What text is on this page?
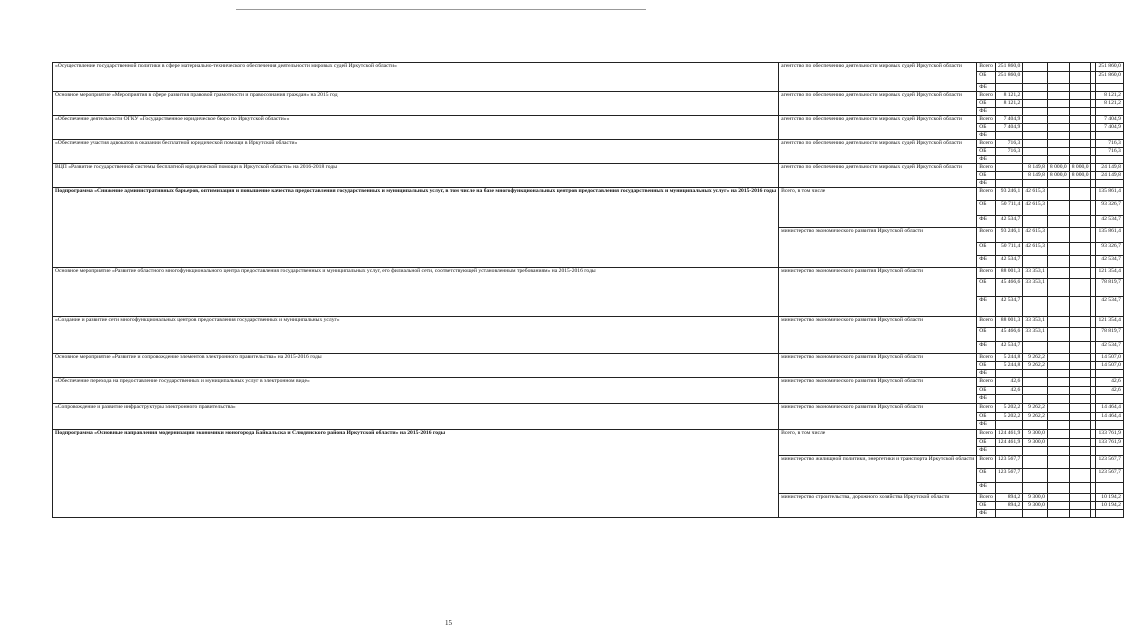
«Осуществление государственной политики в сфере материально-технического обеспечения деятельности мировых судей Иркутской области»	агентство по обеспечению деятельности мировых судей Иркутской области	Всего	251 860,0					251 860,0
		ОБ	251 860,0					251 860,0
		ФБ						
Основное мероприятие «Мероприятия в сфере развития правовой грамотности и правосознания граждан» на 2015 год	агентство по обеспечению деятельности мировых судей Иркутской области	Всего	8 121,2					8 121,2
		ОБ	8 121,2					8 121,2
		ФБ						
«Обеспечение деятельности ОГКУ «Государственное юридическое бюро по Иркутской области»»	агентство по обеспечению деятельности мировых судей Иркутской области	Всего	7 404,9					7 404,9
		ОБ	7 404,9					7 404,9
		ФБ						
«Обеспечение участия адвокатов в оказании бесплатной юридической помощи в Иркутской области»	агентство по обеспечению деятельности мировых судей Иркутской области	Всего	716,3					716,3
		ОБ	716,3					716,3
		ФБ						
ВЦП «Развитие государственной системы бесплатной юридической помощи в Иркутской области» на 2016-2018 годы	агентство по обеспечению деятельности мировых судей Иркутской области	Всего		8 149,8	8 000,0	8 000,0		24 149,8
		ОБ		8 149,8	8 000,0	8 000,0		24 149,8
		ФБ						
Подпрограмма «Снижение административных барьеров, оптимизация и повышение качества предоставления государственных и муниципальных услуг, в том числе на базе многофункциональных центров предоставления государственных и муниципальных услуг» на 2015-2016 годы	Всего, в том числе	Всего	93 246,1	42 615,3				135 861,4
		ОБ	50 711,4	42 615,3				93 326,7
		ФБ	42 534,7					42 534,7
	министерство экономического развития Иркутской области	Всего	93 246,1	42 615,3				135 861,4
		ОБ	50 711,4	42 615,3				93 326,7
		ФБ	42 534,7					42 534,7
Основное мероприятие «Развитие областного многофункционального центра предоставления государственных и муниципальных услуг, его филиальной сети, соответствующей установленным требованиям» на 2015-2016 годы	министерство экономического развития Иркутской области	Всего	88 001,3	33 353,1				121 354,4
		ОБ	45 466,6	33 353,1				78 819,7
		ФБ	42 534,7					42 534,7
«Создание и развитие сети многофункциональных центров предоставления государственных и муниципальных услуг»	министерство экономического развития Иркутской области	Всего	88 001,3	33 353,1				121 354,4
		ОБ	45 466,6	33 353,1				78 819,7
		ФБ	42 534,7					42 534,7
Основное мероприятие «Развитие и сопровождение элементов электронного правительства» на 2015-2016 годы	министерство экономического развития Иркутской области	Всего	5 244,8	9 262,2				14 507,0
		ОБ	5 244,8	9 262,2				14 507,0
		ФБ						
«Обеспечение перехода на предоставление государственных и муниципальных услуг в электронном виде»	министерство экономического развития Иркутской области	Всего	42,6					42,6
		ОБ	42,6					42,6
		ФБ						
«Сопровождение и развитие инфраструктуры электронного правительства»	министерство экономического развития Иркутской области	Всего	5 202,2	9 262,2				14 464,4
		ОБ	5 202,2	9 262,2				14 464,4
		ФБ						
Подпрограмма «Основные направления модернизации экономики моногорода Байкальска и Слюдянского района Иркутской области» на 2015-2016 годы	Всего, в том числе	Всего	124 461,9	9 300,0				133 761,9
		ОБ	124 461,9	9 300,0				133 761,9
		ФБ						
	министерство жилищной политики, энергетики и транспорта Иркутской области	Всего	123 567,7					123 567,7
		ОБ	123 567,7					123 567,7
		ФБ						
	министерство строительства, дорожного хозяйства Иркутской области	Всего	894,2	9 300,0				10 194,2
		ОБ	894,2	9 300,0				10 194,2
		ФБ						
15
